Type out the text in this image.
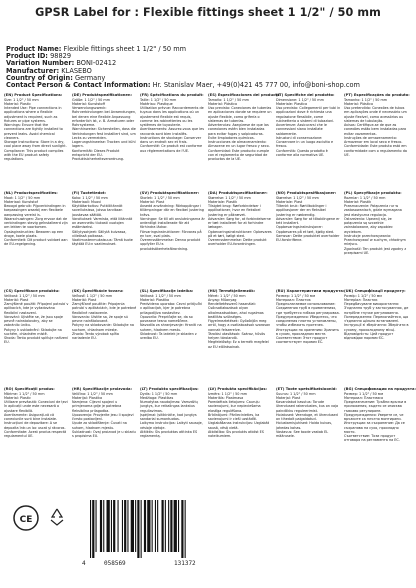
GPSR Label for : Flexible fittings sheet 1 1/2" / 50 mm
Product Name: Flexible fittings sheet 1 1/2" / 50 mm
Product ID: 98829
Variation Number: BONI-02412
Manufacturer: KLASEBO
Country of Origin: Germany
Contact Person & Contact Information: Hr. Stanislav Maer, +49(0)421 45 777 00, info@boni-shop.com
(EN) Product Specifications:
Size: 1 1/2" / 50 mm
Material: Plastic
Intended Use: Pipe connections in applications where a flexible adjustment is required, such as fixtures or pipe systems.
Warnings: Ensure that the connections are tightly installed to prevent leaks. Avoid chemical cleaners.
Storage Instructions: Store in a dry, cool place away from direct sunlight.
Compliance: This product complies with the EU product safety regulations.
(DE) Produktspezifikationen:
Größe: 1 1/2" / 50 mm
Material: Kunststoff
Verwendungszweck: Rohrverbindungen bei Anwendungen, bei denen eine flexible Anpassung erforderlich ist, z. B. Armaturen oder Rohrsysteme.
Warnhinweise: Sicherstellen, dass die Verbindungen fest installiert sind, um Lecks zu vermeiden.
Lagerungshinweise: Trocken und kühl lagern.
Konformität: Dieses Produkt entspricht der EU-Produktsicherheitsverordnung.
(FR) Spécifications du produit:
Taille: 1 1/2" / 50 mm
Matériau: Plastique
Utilisation prévue: Raccordements de tuyaux dans les applications où un ajustement flexible est requis, comme les robinetteries ou les systèmes de tuyauterie.
Avertissements: Assurez-vous que les raccords sont bien installés.
Instructions de stockage: Conserver dans un endroit sec et frais.
Conformité: Ce produit est conforme aux réglementations de l'UE.
(ES) Especificaciones del producto:
Tamaño: 1 1/2" / 50 mm
Material: Plástico
Uso previsto: Conexiones de tuberías en aplicaciones donde se requiere un ajuste flexible, como grifería o sistemas de tuberías.
Advertencias: Asegúrese de que las conexiones estén bien instaladas para evitar fugas y salpicaduras. Evite limpiadores químicos.
Instrucciones de almacenamiento: Almacene en un lugar fresco y seco.
Conformidad: Este producto cumple con el reglamento de seguridad de productos de la UE.
(IT) Specifiche del prodotto:
Dimensione: 1 1/2" / 50 mm
Materiale: Plastica
Uso previsto: Collegamenti per tubi in applicazioni dove è richiesta una regolazione flessibile, come rubinetteria o sistemi di tubazioni.
Avvertenze: Assicurarsi che le connessioni siano installate saldamente.
Istruzioni di conservazione: Conservare in un luogo asciutto e fresco.
Conformità: Questo prodotto è conforme alla normativa UE.
(PT) Especificações do produto:
Tamanho: 1 1/2" / 50 mm
Material: Plástico
Uso pretendido: Conexões de tubos em aplicações onde é necessário um ajuste flexível, como acessórios ou sistemas de tubulação.
Avisos: Certifique-se de que as conexões estão bem instaladas para evitar vazamentos.
Instruções de armazenamento: Armazenar em local seco e fresco.
Conformidade: Este produto está em conformidade com o regulamento da UE.
(NL) Productspecificaties:
Maat: 1 1/2" / 50 mm
Materiaal: Kunststof
Beoogd gebruik: Pijpverbindingen in toepassingen waarbij een flexibele aanpassing vereist is.
Waarschuwingen: Zorg ervoor dat de verbindingen stevig geïnstalleerd zijn om lekken te voorkomen.
Opslaginstructies: Bewaren op een droge, koele plaats.
Conformiteit: Dit product voldoet aan de EU-regelgeving.
(FI) Tuotetiedot:
Koko: 1 1/2" / 50 mm
Materiaali: Muovi
Käyttötarkoitus: Putkiliitännät sovelluksissa, joissa tarvitaan joustavaa säätöä.
Varoitukset: Varmista, että liitännät on asennettu tiukasti vuotojen estämiseksi.
Säilytysohjeet: Säilytä kuivassa, viileässä paikassa.
Vaatimustenmukaisuus: Tämä tuote täyttää EU:n vaatimukset.
(SV) Produktspecifikationer:
Storlek: 1 1/2" / 50 mm
Material: Plast
Avsedd användning: Rörkopplingar i tillämpningar där en flexibel justering krävs.
Varningar: Se till att anslutningarna är ordentligt installerade för att förhindra läckor.
Förvaringsinstruktioner: Förvaras på en torr, sval plats.
Överensstämmelse: Denna produkt uppfyller EU:s produktsäkerhetsförordning.
(DA) Produktspecifikationer:
Størrelse: 1 1/2" / 50 mm
Materiale: Plastik
Tilsigtet brug: Rørforbindelser i applikationer, hvor en fleksibel justering er påkrævet.
Advarsler: Sørg for, at forbindelserne er tæt installeret for at forhindre lækager.
Opbevaringsinstruktioner: Opbevares på et tørt, køligt sted.
Overensstemmelse: Dette produkt overholder EU-forordningen.
(NO) Produktspesifikasjoner:
Størrelse: 1 1/2" / 50 mm
Materiale: Plast
Tiltenkt bruk: Rørtilkoblinger i applikasjoner der en fleksibel justering er nødvendig.
Advarsler: Sørg for at tilkoblingene er tett installert.
Oppbevaringsinstruksjoner: Oppbevares på et tørt, kjølig sted.
Samsvar: Dette produktet overholder EU-forskriftene.
(PL) Specyfikacje produktu:
Rozmiar: 1 1/2" / 50 mm
Materiał: Plastik
Przeznaczenie: Połączenia rur w zastosowaniach, gdzie wymagana jest elastyczna regulacja.
Ostrzeżenia: Upewnij się, że połączenia są szczelnie zainstalowane, aby zapobiec wyciekom.
Instrukcje przechowywania: Przechowywać w suchym, chłodnym miejscu.
Zgodność: Ten produkt jest zgodny z przepisami UE.
(CS) Specifikace produktu:
Velikost: 1 1/2" / 50 mm
Materiál: Plast
Zamýšlené použití: Připojení potrubí v aplikacích, kde je vyžadováno flexibilní nastavení.
Varování: Ujistěte se, že jsou spoje pevně nainstalovány, aby se zabránilo úniku.
Pokyny k uskladnění: Skladujte na suchém, chladném místě.
Shoda: Tento produkt splňuje nařízení EU.
(SK) Špecifikácie tovaru:
Veľkosť: 1 1/2" / 50 mm
Materiál: Plast
Zamýšľané použitie: Pripojenia potrubí v aplikáciách, kde je potrebné flexibilné nastavenie.
Varovania: Uistite sa, že spoje sú pevne nainštalované.
Pokyny na skladovanie: Skladujte na suchom, chladnom mieste.
Zhoda: Tento výrobok spĺňa nariadenie EÚ.
(SL) Specifikacije izdelka:
Velikost: 1 1/2" / 50 mm
Material: Plastika
Predvidena uporaba: Cevni priključki v aplikacijah, kjer je potrebna prilagodljiva nastavitev.
Opozorila: Prepričajte se, da so povezave tesno nameščene.
Navodila za shranjevanje: Hraniti na suhem, hladnem mestu.
Skladnost: Ta izdelek je skladen z uredbo EU.
(HU) Termékjellemzők:
Méret: 1 1/2" / 50 mm
Anyag: Műanyag
Rendeltetésszerű használat: Csőcsatlakozások olyan alkalmazásokban, ahol rugalmas beállítás szükséges.
Figyelmeztetések: Győződjön meg arról, hogy a csatlakozások szorosan vannak felszerelve.
Tárolási utasítások: Száraz, hűvös helyen tárolandó.
Megfelelőség: Ez a termék megfelel az EU előírásainak.
(RU) Характеристики продукта:
Размер: 1 1/2" / 50 мм
Материал: Пластик
Предполагаемое использование: Соединения труб в применениях, где требуется гибкая регулировка.
Предупреждения: Убедитесь, что соединения плотно установлены, чтобы избежать протечек.
Инструкции по хранению: Хранить в сухом, прохладном месте.
Соответствие: Этот продукт соответствует нормам ЕС.
(UK) Специфікації продукту:
Розмір: 1 1/2" / 50 мм
Матеріал: Пластик
Передбачуване використання: З'єднання труб у застосуваннях, де потрібне гнучке регулювання.
Попередження: Переконайтеся, що з'єднання щільно встановлені.
Інструкції зі зберігання: Зберігати в сухому, прохолодному місці.
Відповідність: Цей продукт відповідає нормам ЄС.
(RO) Specificații produs:
Mărime: 1 1/2" / 50 mm
Material: Plastic
Utilizare prevăzută: Conexiuni de țevi în aplicații unde este necesară o ajustare flexibilă.
Avertismente: Asigurați-vă că conexiunile sunt bine instalate.
Instrucțiuni de depozitare: A se depozita într-un loc uscat și răcoros.
Conformitate: Acest produs respectă regulamentul UE.
(HR) Specifikacije proizvoda:
Veličina: 1 1/2" / 50 mm
Materijal: Plastika
Namjena: Cijevni spojevi u primjenama gdje je potrebna fleksibilna prilagodba.
Upozorenja: Provjerite jesu li spojevi čvrsto postavljeni.
Upute za skladištenje: Čuvati na suhom, hladnom mjestu.
Sukladnost: Ovaj proizvod je u skladu s propisima EU.
(LT) Produkto specifikacijos:
Dydis: 1 1/2" / 50 mm
Medžiaga: Plastikas
Numatytas naudojimas: Vamzdžių jungtys, kur reikalingas lankstus reguliavimas.
Įspėjimai: Įsitikinkite, kad jungtys sandariai sumontuotos.
Laikymo instrukcijos: Laikyti sausoje, vėsioje vietoje.
Atitiktis: Šis produktas atitinka ES reglamentą.
(LV) Produkta specifikācijas:
Izmērs: 1 1/2" / 50 mm
Materiāls: Plastmasa
Paredzētais lietojums: Cauruļu savienojumi, kur nepieciešama elastīga regulēšana.
Brīdinājumi: Pārliecinieties, ka savienojumi ir cieši uzstādīti.
Uzglabāšanas instrukcijas: Uzglabāt sausā, vēsā vietā.
Atbilstība: Šis produkts atbilst ES noteikumiem.
(ET) Toote spetsifikatsioonid:
Suurus: 1 1/2" / 50 mm
Materjal: Plast
Kavandatud kasutus: Torude ühendused rakendustes, kus on vaja paindlikku reguleerimist.
Hoiatused: Veenduge, et ühendused on tihedalt paigaldatud.
Hoiustamisjuhised: Hoida kuivas, jahedas kohas.
Vastavus: See toode vastab EL määrusele.
(BG) Спецификации на продукта:
Размер: 1 1/2" / 50 мм
Материал: Пластмаса
Предназначение: Тръбни връзки в приложения, където се изисква гъвкаво регулиране.
Предупреждения: Уверете се, че връзките са плътно монтирани.
Инструкции за съхранение: Да се съхранява на сухо, прохладно място.
Съответствие: Този продукт отговаря на регламента на ЕС.
4	058569	131372
CE
